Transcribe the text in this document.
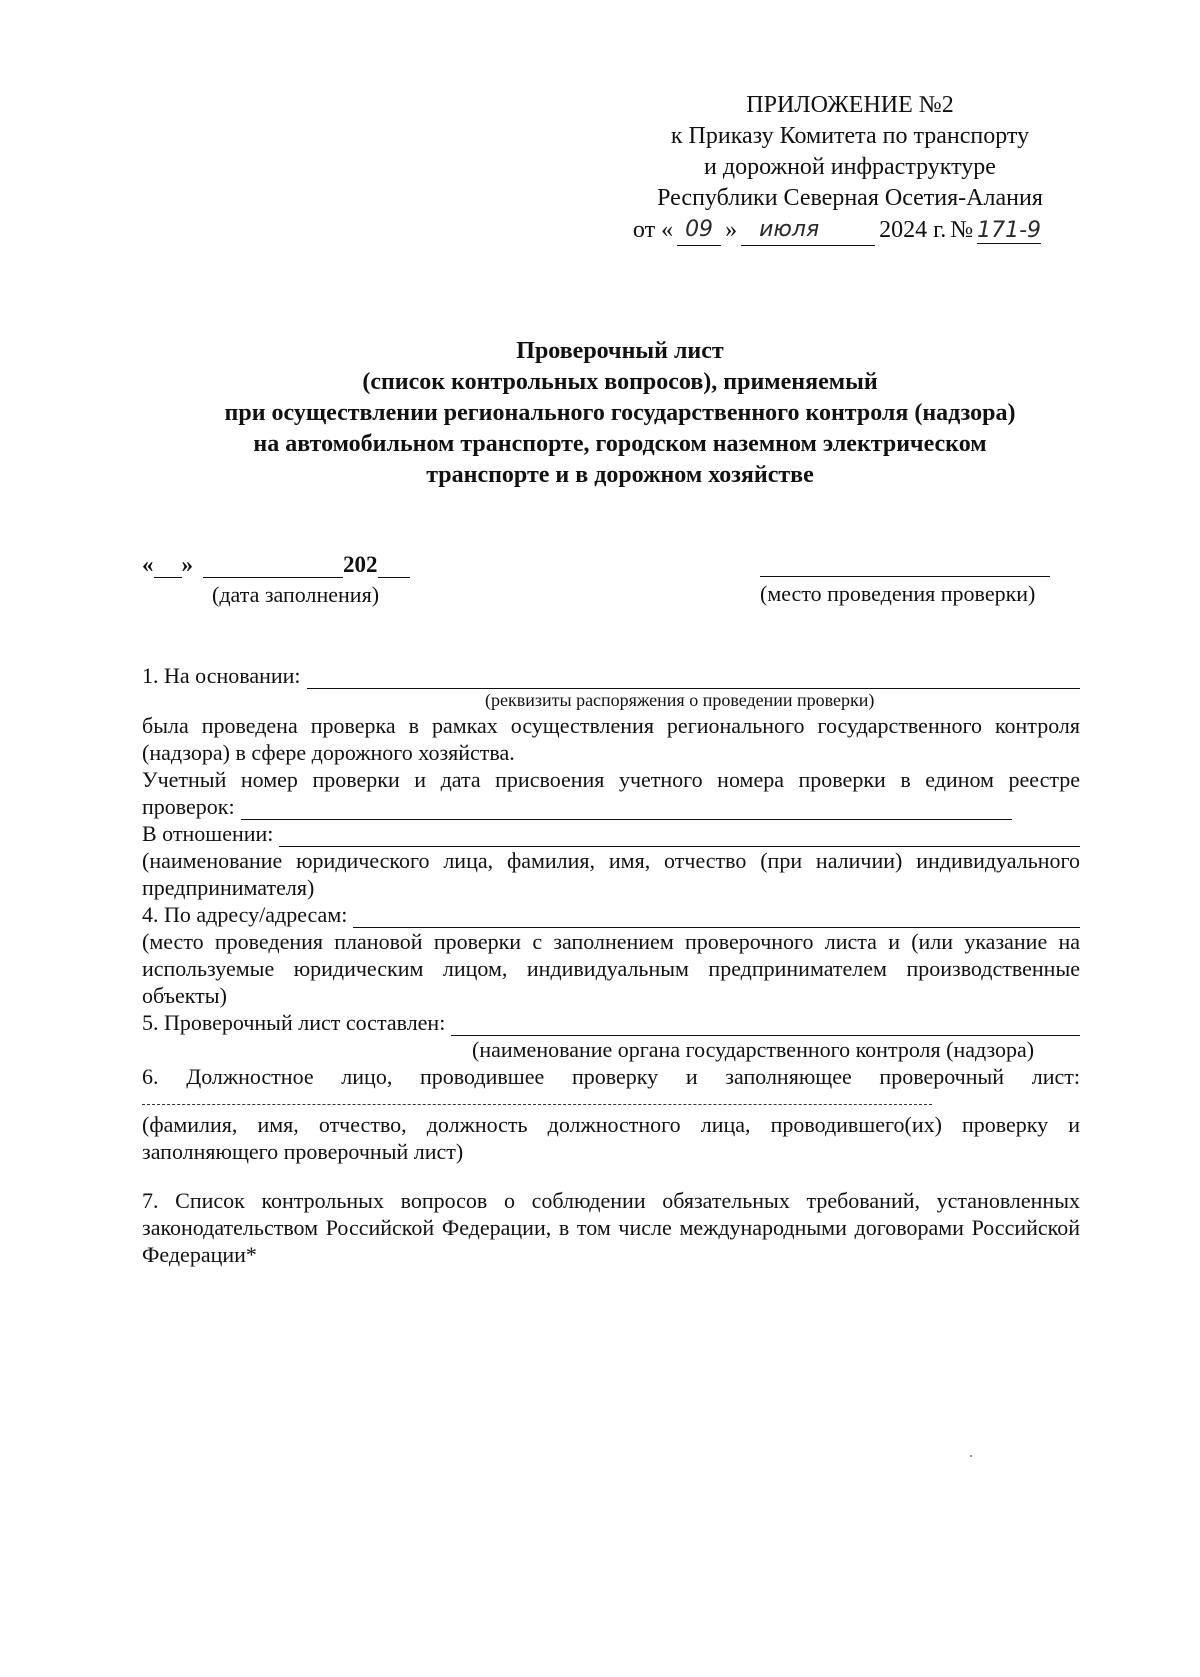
ПРИЛОЖЕНИЕ №2
к Приказу Комитета по транспорту
и дорожной инфраструктуре
Республики Северная Осетия-Алания
от « 09 »	июля	2024 г. № 171-9
Проверочный лист
(список контрольных вопросов), применяемый
при осуществлении регионального государственного контроля (надзора)
на автомобильном транспорте, городском наземном электрическом
транспорте и в дорожном хозяйстве
« »	202
(дата заполнения)	(место проведения проверки)
1. На основании:
(реквизиты распоряжения о проведении проверки)

была проведена проверка в рамках осуществления регионального государственного контроля (надзора) в сфере дорожного хозяйства.

Учетный номер проверки и дата присвоения учетного номера проверки в едином реестре

проверок:
В отношении:

(наименование юридического лица, фамилия, имя, отчество (при наличии) индивидуального предпринимателя)

4. По адресу/адресам:

(место проведения плановой проверки с заполнением проверочного листа и (или указание на используемые юридическим лицом, индивидуальным предпринимателем производственные объекты)

5. Проверочный лист составлен:
(наименование органа государственного контроля (надзора)

6. Должностное лицо, проводившее проверку и заполняющее проверочный лист:

(фамилия, имя, отчество, должность должностного лица, проводившего(их) проверку и заполняющего проверочный лист)

7. Список контрольных вопросов о соблюдении обязательных требований, установленных законодательством Российской Федерации, в том числе международными договорами Российской Федерации*
